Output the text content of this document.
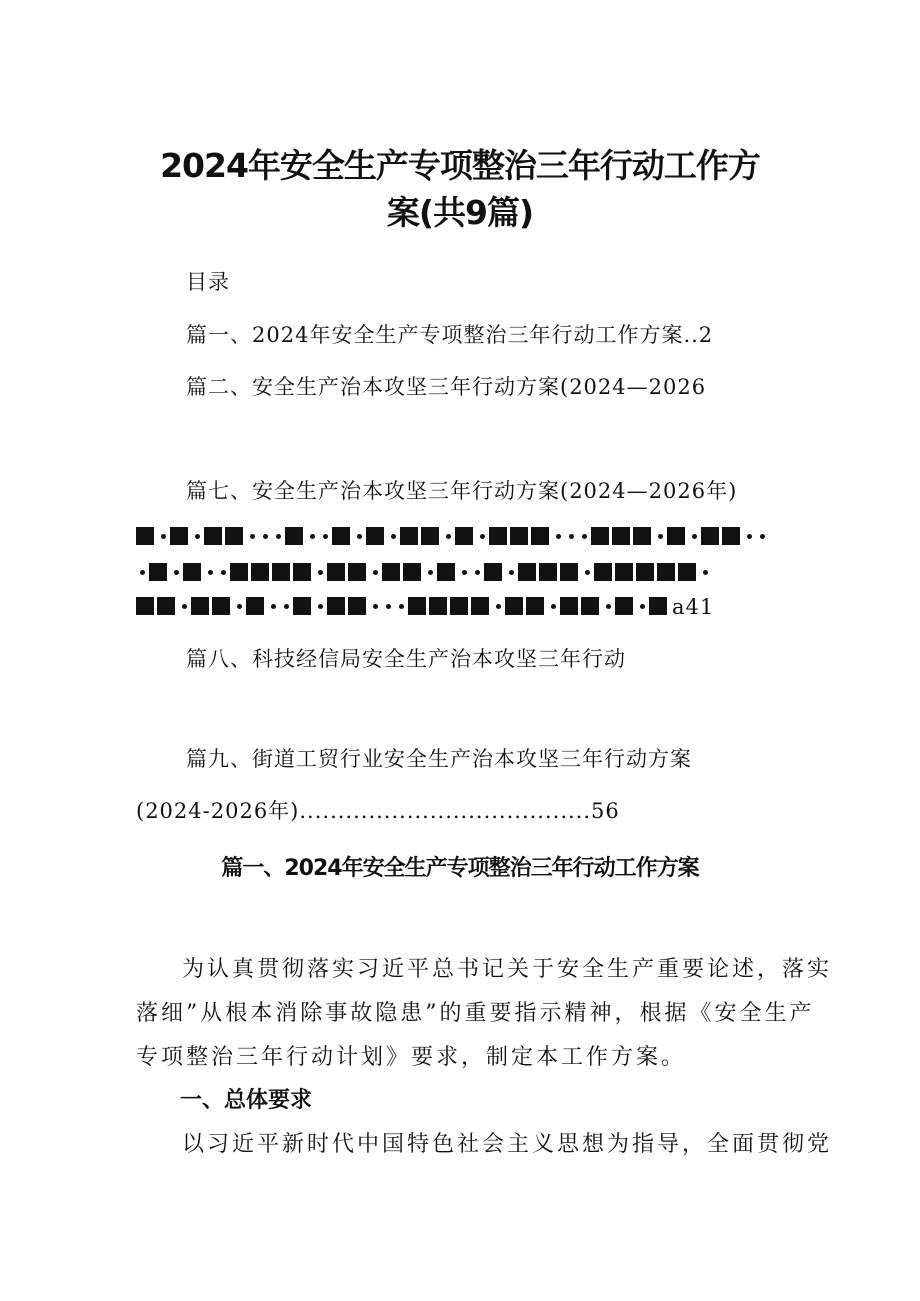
2024年安全生产专项整治三年行动工作方
案(共9篇)
目录
篇一、2024年安全生产专项整治三年行动工作方案..2
篇二、安全生产治本攻坚三年行动方案(2024—2026
篇七、安全生产治本攻坚三年行动方案(2024—2026年)
a41
篇八、科技经信局安全生产治本攻坚三年行动
篇九、街道工贸行业安全生产治本攻坚三年行动方案
(2024-2026年)......................................56
篇一、2024年安全生产专项整治三年行动工作方案
为认真贯彻落实习近平总书记关于安全生产重要论述，落实
落细”从根本消除事故隐患”的重要指示精神，根据《安全生产
专项整治三年行动计划》要求，制定本工作方案。
一、总体要求
以习近平新时代中国特色社会主义思想为指导，全面贯彻党
